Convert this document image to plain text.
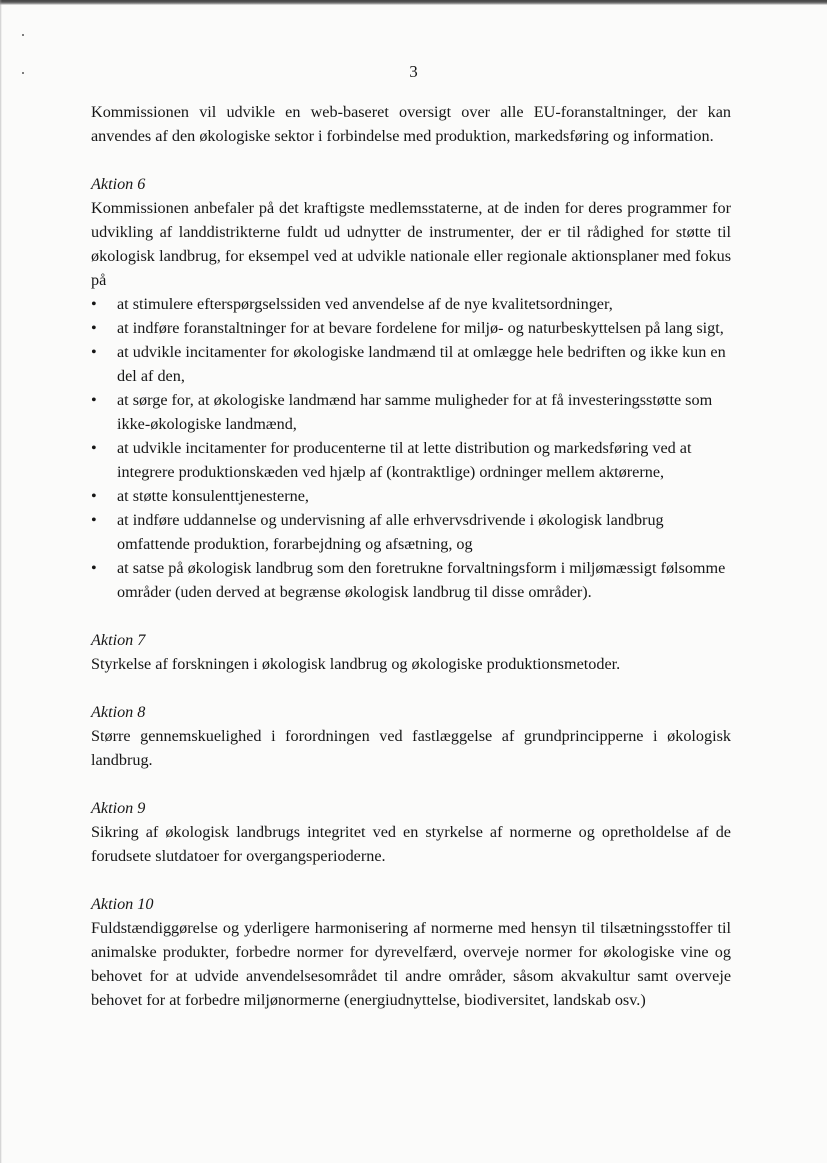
3

Kommissionen vil udvikle en web-baseret oversigt over alle EU-foranstaltninger, der kan anvendes af den økologiske sektor i forbindelse med produktion, markedsføring og information.

Aktion 6

Kommissionen anbefaler på det kraftigste medlemsstaterne, at de inden for deres programmer for udvikling af landdistrikterne fuldt ud udnytter de instrumenter, der er til rådighed for støtte til økologisk landbrug, for eksempel ved at udvikle nationale eller regionale aktionsplaner med fokus på

• at stimulere efterspørgselssiden ved anvendelse af de nye kvalitetsordninger,
• at indføre foranstaltninger for at bevare fordelene for miljø- og naturbeskyttelsen på lang sigt,
• at udvikle incitamenter for økologiske landmænd til at omlægge hele bedriften og ikke kun en del af den,
• at sørge for, at økologiske landmænd har samme muligheder for at få investeringsstøtte som ikke-økologiske landmænd,
• at udvikle incitamenter for producenterne til at lette distribution og markedsføring ved at integrere produktionskæden ved hjælp af (kontraktlige) ordninger mellem aktørerne,
• at støtte konsulenttjenesterne,
• at indføre uddannelse og undervisning af alle erhvervsdrivende i økologisk landbrug omfattende produktion, forarbejdning og afsætning, og
• at satse på økologisk landbrug som den foretrukne forvaltningsform i miljømæssigt følsomme områder (uden derved at begrænse økologisk landbrug til disse områder).
Aktion 7

Styrkelse af forskningen i økologisk landbrug og økologiske produktionsmetoder.

Aktion 8

Større gennemskuelighed i forordningen ved fastlæggelse af grundprincipperne i økologisk landbrug.

Aktion 9

Sikring af økologisk landbrugs integritet ved en styrkelse af normerne og opretholdelse af de forudsete slutdatoer for overgangsperioderne.

Aktion 10

Fuldstændiggørelse og yderligere harmonisering af normerne med hensyn til tilsætningsstoffer til animalske produkter, forbedre normer for dyrevelfærd, overveje normer for økologiske vine og behovet for at udvide anvendelsesområdet til andre områder, såsom akvakultur samt overveje behovet for at forbedre miljønormerne (energiudnyttelse, biodiversitet, landskab osv.)
